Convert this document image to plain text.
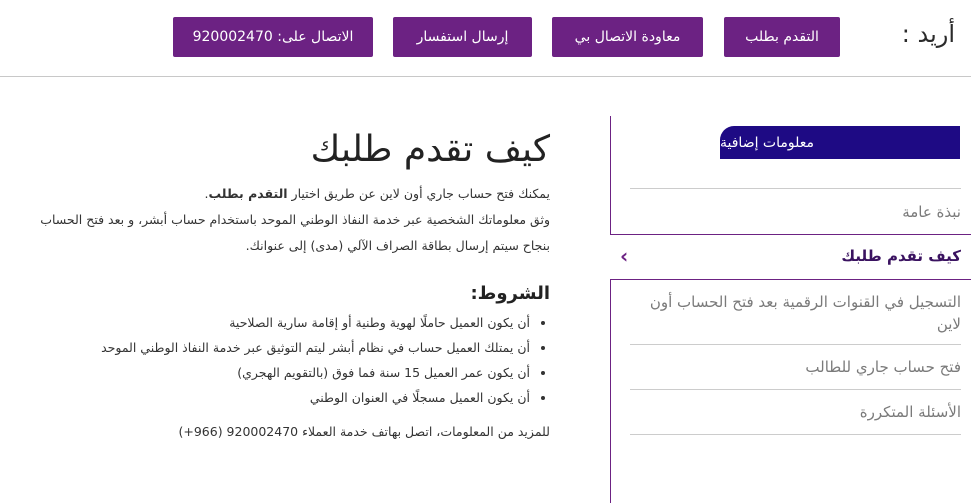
أريد :
التقدم بطلب
معاودة الاتصال بي
إرسال استفسار
الاتصال على: 920002470
معلومات إضافية
نبذة عامة
كيف تقدم طلبك
‹
التسجيل في القنوات الرقمية بعد فتح الحساب أون لاين
فتح حساب جاري للطالب
الأسئلة المتكررة
كيف تقدم طلبك

يمكنك فتح حساب جاري أون لاين عن طريق اختيار التقدم بطلب.
وثق معلوماتك الشخصية عبر خدمة النفاذ الوطني الموحد باستخدام حساب أبشر، و بعد فتح الحساب بنجاح سيتم إرسال بطاقة الصراف الآلي (مدى) إلى عنوانك.

الشروط:
• أن يكون العميل حاملًا لهوية وطنية أو إقامة سارية الصلاحية
• أن يمتلك العميل حساب في نظام أبشر ليتم التوثيق عبر خدمة النفاذ الوطني الموحد
• أن يكون عمر العميل 15 سنة فما فوق (بالتقويم الهجري)
• أن يكون العميل مسجلًا في العنوان الوطني

للمزيد من المعلومات، اتصل بهاتف خدمة العملاء 920002470 (966+)
